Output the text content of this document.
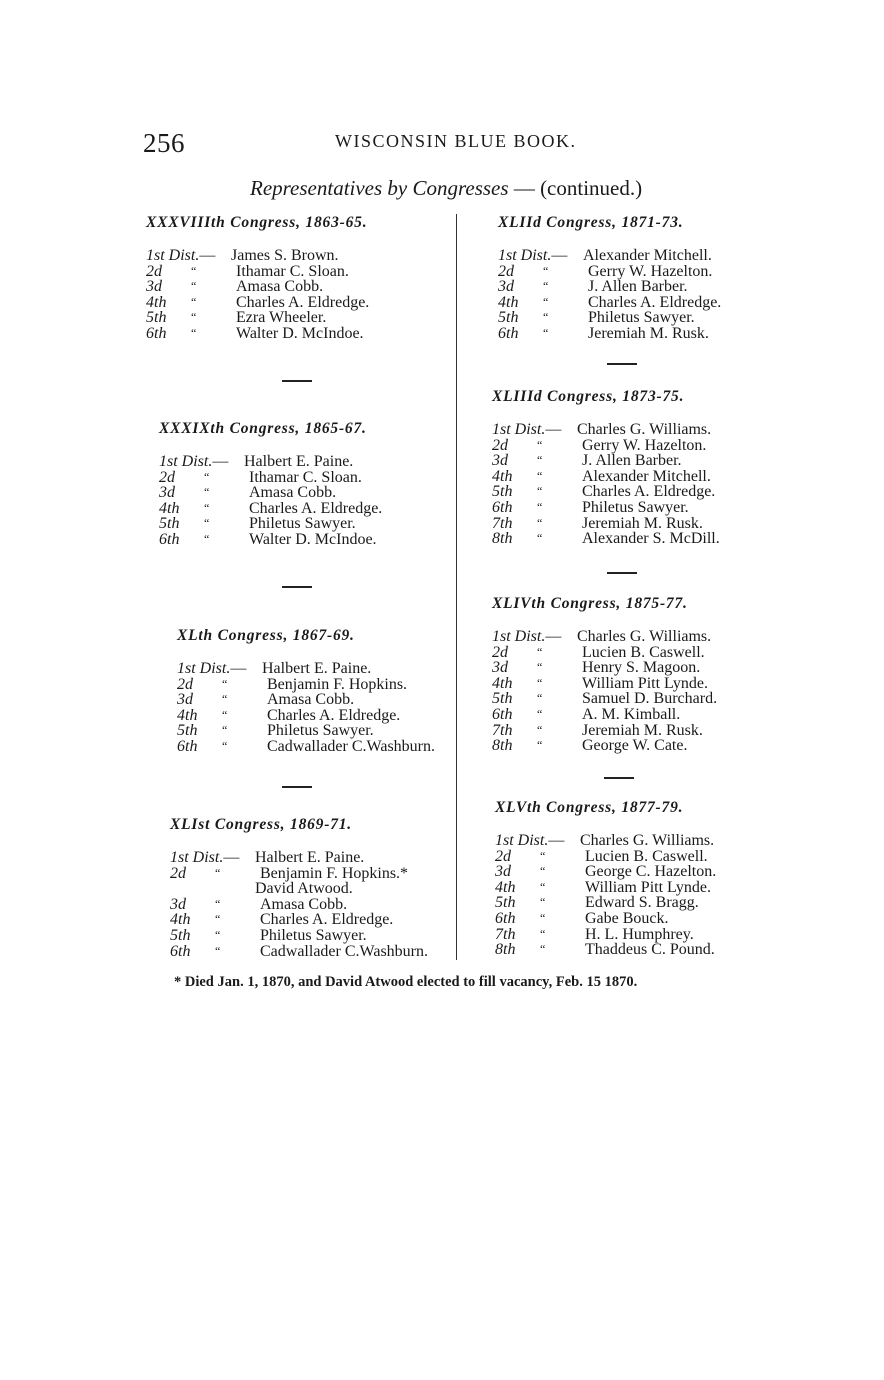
256	WISCONSIN BLUE BOOK.
Representatives by Congresses — (continued.)
XXXVIIIth Congress, 1863-65.
1st Dist.— James S. Brown.
2d	“	Ithamar C. Sloan.
3d	“	Amasa Cobb.
4th	“	Charles A. Eldredge.
5th	“	Ezra Wheeler.
6th	“	Walter D. McIndoe.
XXXIXth Congress, 1865-67.
1st Dist.— Halbert E. Paine.
2d	“	Ithamar C. Sloan.
3d	“	Amasa Cobb.
4th	“	Charles A. Eldredge.
5th	“	Philetus Sawyer.
6th	“	Walter D. McIndoe.
XLth Congress, 1867-69.
1st Dist.— Halbert E. Paine.
2d	“	Benjamin F. Hopkins.
3d	“	Amasa Cobb.
4th	“	Charles A. Eldredge.
5th	“	Philetus Sawyer.
6th	“	Cadwallader C.Washburn.
XLIst Congress, 1869-71.
1st Dist.— Halbert E. Paine.
2d	“	Benjamin F. Hopkins.*
David Atwood.
3d	“	Amasa Cobb.
4th	“	Charles A. Eldredge.
5th	“	Philetus Sawyer.
6th	“	Cadwallader C.Washburn.
XLIId Congress, 1871-73.
1st Dist.— Alexander Mitchell.
2d	“	Gerry W. Hazelton.
3d	“	J. Allen Barber.
4th	“	Charles A. Eldredge.
5th	“	Philetus Sawyer.
6th	“	Jeremiah M. Rusk.
XLIIId Congress, 1873-75.
1st Dist.— Charles G. Williams.
2d	“	Gerry W. Hazelton.
3d	“	J. Allen Barber.
4th	“	Alexander Mitchell.
5th	“	Charles A. Eldredge.
6th	“	Philetus Sawyer.
7th	“	Jeremiah M. Rusk.
8th	“	Alexander S. McDill.
XLIVth Congress, 1875-77.
1st Dist.— Charles G. Williams.
2d	“	Lucien B. Caswell.
3d	“	Henry S. Magoon.
4th	“	William Pitt Lynde.
5th	“	Samuel D. Burchard.
6th	“	A. M. Kimball.
7th	“	Jeremiah M. Rusk.
8th	“	George W. Cate.
XLVth Congress, 1877-79.
1st Dist.— Charles G. Williams.
2d	“	Lucien B. Caswell.
3d	“	George C. Hazelton.
4th	“	William Pitt Lynde.
5th	“	Edward S. Bragg.
6th	“	Gabe Bouck.
7th	“	H. L. Humphrey.
8th	“	Thaddeus C. Pound.
* Died Jan. 1, 1870, and David Atwood elected to fill vacancy, Feb. 15 1870.
